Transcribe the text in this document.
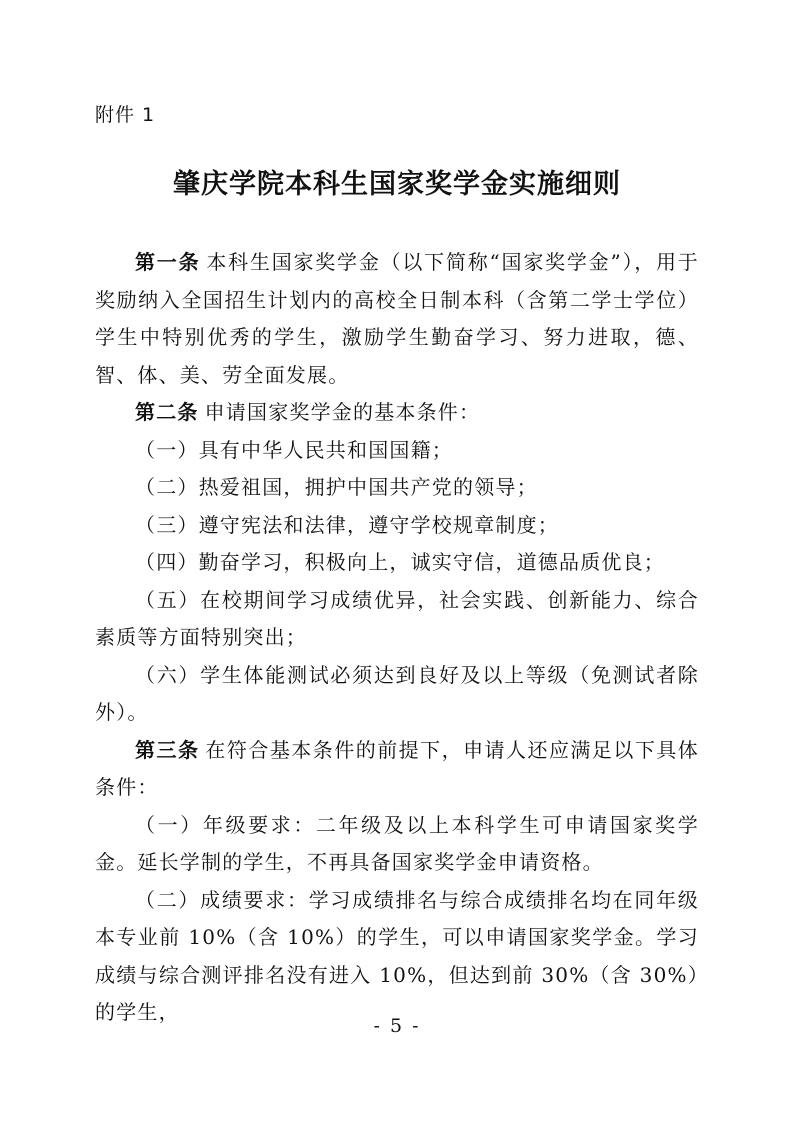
附件 1
肇庆学院本科生国家奖学金实施细则

第一条 本科生国家奖学金（以下简称“国家奖学金”），用于奖励纳入全国招生计划内的高校全日制本科（含第二学士学位）学生中特别优秀的学生，激励学生勤奋学习、努力进取，德、智、体、美、劳全面发展。

第二条 申请国家奖学金的基本条件：

（一）具有中华人民共和国国籍；

（二）热爱祖国，拥护中国共产党的领导；

（三）遵守宪法和法律，遵守学校规章制度；

（四）勤奋学习，积极向上，诚实守信，道德品质优良；

（五）在校期间学习成绩优异，社会实践、创新能力、综合素质等方面特别突出；

（六）学生体能测试必须达到良好及以上等级（免测试者除外）。

第三条 在符合基本条件的前提下，申请人还应满足以下具体条件：

（一）年级要求：二年级及以上本科学生可申请国家奖学金。延长学制的学生，不再具备国家奖学金申请资格。

（二）成绩要求：学习成绩排名与综合成绩排名均在同年级本专业前 10%（含 10%）的学生，可以申请国家奖学金。学习成绩与综合测评排名没有进入 10%，但达到前 30%（含 30%）的学生，

- 5 -
